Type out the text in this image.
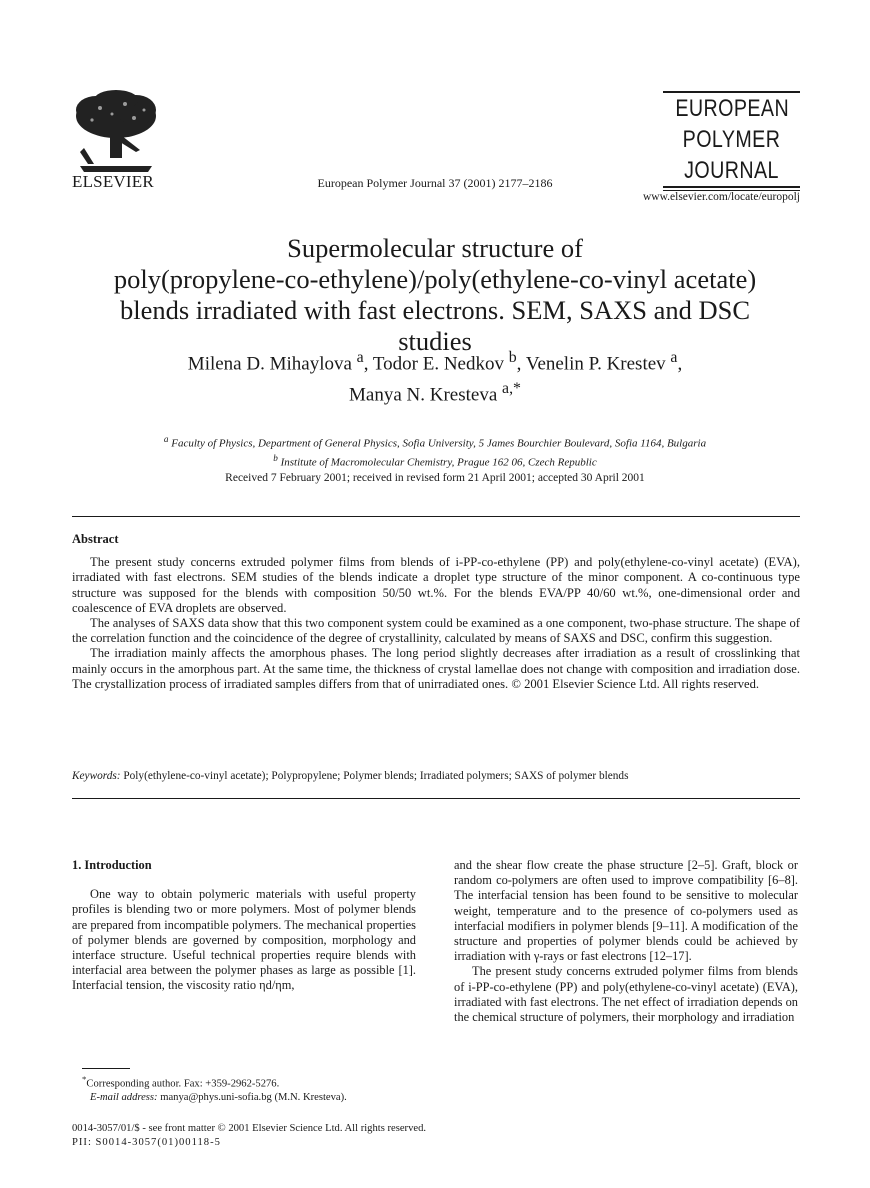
ELSEVIER	European Polymer Journal 37 (2001) 2177–2186
EUROPEAN
POLYMER
JOURNAL
www.elsevier.com/locate/europolj
Supermolecular structure of
poly(propylene-co-ethylene)/poly(ethylene-co-vinyl acetate)
blends irradiated with fast electrons. SEM, SAXS and DSC
studies
Milena D. Mihaylova $^a$, Todor E. Nedkov $^b$, Venelin P. Krestev $^a$,
Manya N. Kresteva $^{a,*}$
$^a$ Faculty of Physics, Department of General Physics, Sofia University, 5 James Bourchier Boulevard, Sofia 1164, Bulgaria
$^b$ Institute of Macromolecular Chemistry, Prague 162 06, Czech Republic
Received 7 February 2001; received in revised form 21 April 2001; accepted 30 April 2001
Abstract

The present study concerns extruded polymer films from blends of i-PP-co-ethylene (PP) and poly(ethylene-co-vinyl acetate) (EVA), irradiated with fast electrons. SEM studies of the blends indicate a droplet type structure of the minor component. A co-continuous type structure was supposed for the blends with composition 50/50 wt.%. For the blends EVA/PP 40/60 wt.%, one-dimensional order and coalescence of EVA droplets are observed.

The analyses of SAXS data show that this two component system could be examined as a one component, two-phase structure. The shape of the correlation function and the coincidence of the degree of crystallinity, calculated by means of SAXS and DSC, confirm this suggestion.

The irradiation mainly affects the amorphous phases. The long period slightly decreases after irradiation as a result of crosslinking that mainly occurs in the amorphous part. At the same time, the thickness of crystal lamellae does not change with composition and irradiation dose. The crystallization process of irradiated samples differs from that of unirradiated ones. © 2001 Elsevier Science Ltd. All rights reserved.

Keywords: Poly(ethylene-co-vinyl acetate); Polypropylene; Polymer blends; Irradiated polymers; SAXS of polymer blends
1. Introduction

One way to obtain polymeric materials with useful property profiles is blending two or more polymers. Most of polymer blends are prepared from incompatible polymers. The mechanical properties of polymer blends are governed by composition, morphology and interface structure. Useful technical properties require blends with interfacial area between the polymer phases as large as possible [1]. Interfacial tension, the viscosity ratio ηd/ηm,

and the shear flow create the phase structure [2–5]. Graft, block or random co-polymers are often used to improve compatibility [6–8]. The interfacial tension has been found to be sensitive to molecular weight, temperature and to the presence of co-polymers used as interfacial modifiers in polymer blends [9–11]. A modification of the structure and properties of polymer blends could be achieved by irradiation with γ-rays or fast electrons [12–17].

The present study concerns extruded polymer films from blends of i-PP-co-ethylene (PP) and poly(ethylene-co-vinyl acetate) (EVA), irradiated with fast electrons. The net effect of irradiation depends on the chemical structure of polymers, their morphology and irradiation

*Corresponding author. Fax: +359-2962-5276.
E-mail address: manya@phys.uni-sofia.bg (M.N. Kresteva).
0014-3057/01/$ - see front matter © 2001 Elsevier Science Ltd. All rights reserved.
PII: S0014-3057(01)00118-5
